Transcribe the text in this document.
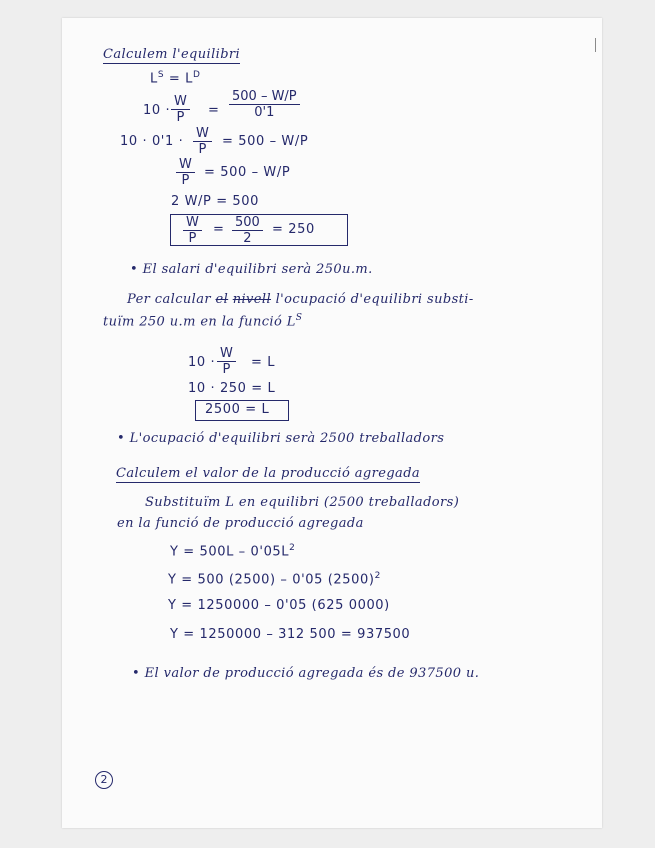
Calculem l'equilibri
$L^S = L^D$
$10 \cdot \frac{W}{P} = \frac{500 - W/P}{0'1}$
$10 \cdot 0'1 \cdot \frac{W}{P} = 500 - W/P$
$\frac{W}{P} = 500 - W/P$
2 W/P = 500
$\frac{W}{P} = \frac{500}{2} = 250$
• El salari d'equilibri serà 250u.m.
Per calcular el nivell l'ocupació d'equilibri substi-
tuïm 250 u.m en la funció $L^S$
$10 \cdot \frac{W}{P} = L$
10 · 250 = L
2500 = L
• L'ocupació d'equilibri serà 2500 treballadors
Calculem el valor de la producció agregada
Substituïm L en equilibri (2500 treballadors)
en la funció de producció agregada
$Y = 500L - 0'05L^2$
Y = 500 (2500) – 0'05 $(2500)^2$
Y = 1250000 – 0'05 (625 0000)
Y = 1250000 – 312 500 = 937500
• El valor de producció agregada és de 937500 u.
2
